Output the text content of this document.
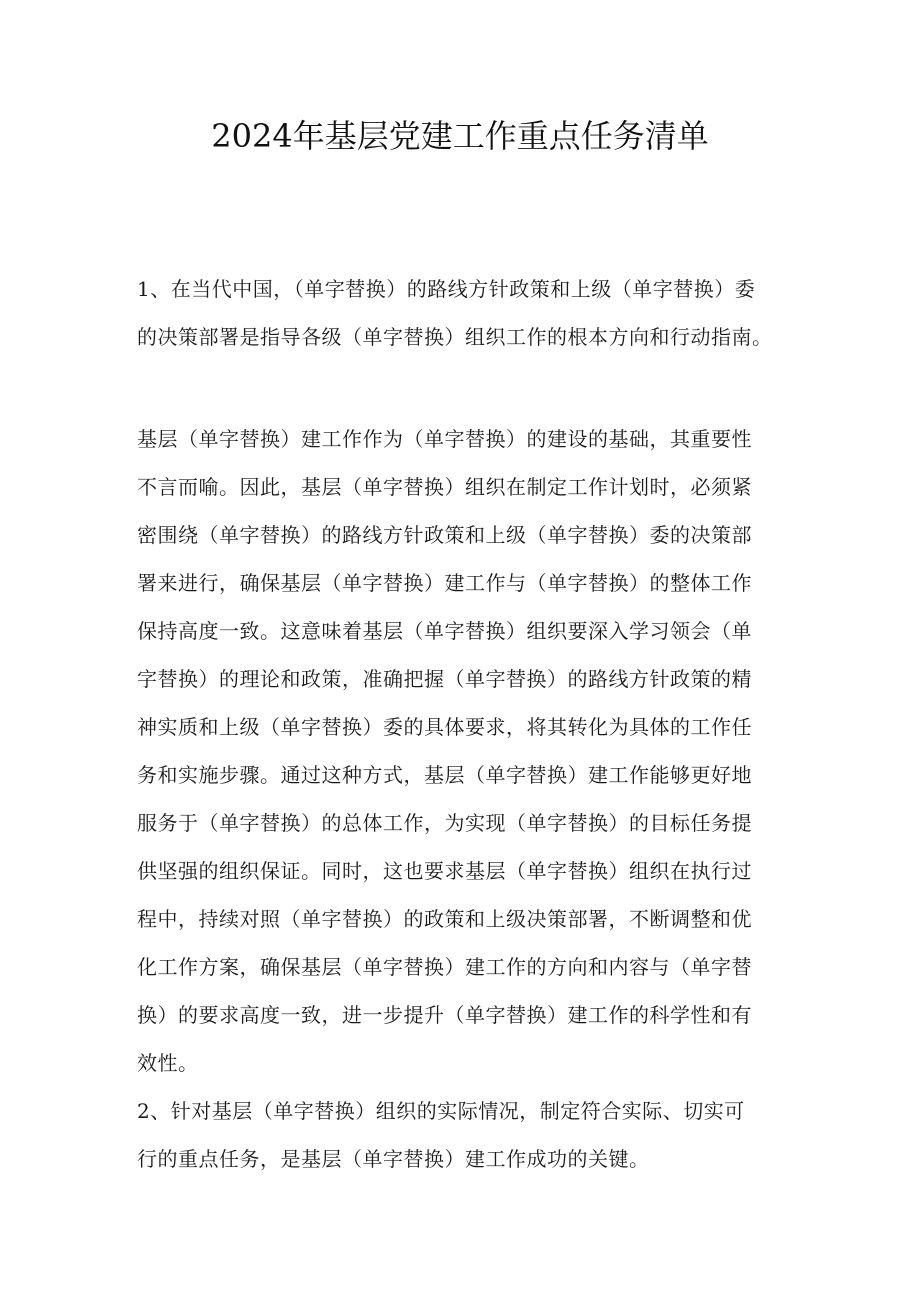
2024年基层党建工作重点任务清单
1、在当代中国，（单字替换）的路线方针政策和上级（单字替换）委
的决策部署是指导各级（单字替换）组织工作的根本方向和行动指南。
基层（单字替换）建工作作为（单字替换）的建设的基础，其重要性
不言而喻。因此，基层（单字替换）组织在制定工作计划时，必须紧
密围绕（单字替换）的路线方针政策和上级（单字替换）委的决策部
署来进行，确保基层（单字替换）建工作与（单字替换）的整体工作
保持高度一致。这意味着基层（单字替换）组织要深入学习领会（单
字替换）的理论和政策，准确把握（单字替换）的路线方针政策的精
神实质和上级（单字替换）委的具体要求，将其转化为具体的工作任
务和实施步骤。通过这种方式，基层（单字替换）建工作能够更好地
服务于（单字替换）的总体工作，为实现（单字替换）的目标任务提
供坚强的组织保证。同时，这也要求基层（单字替换）组织在执行过
程中，持续对照（单字替换）的政策和上级决策部署，不断调整和优
化工作方案，确保基层（单字替换）建工作的方向和内容与（单字替
换）的要求高度一致，进一步提升（单字替换）建工作的科学性和有
效性。
2、针对基层（单字替换）组织的实际情况，制定符合实际、切实可
行的重点任务，是基层（单字替换）建工作成功的关键。
